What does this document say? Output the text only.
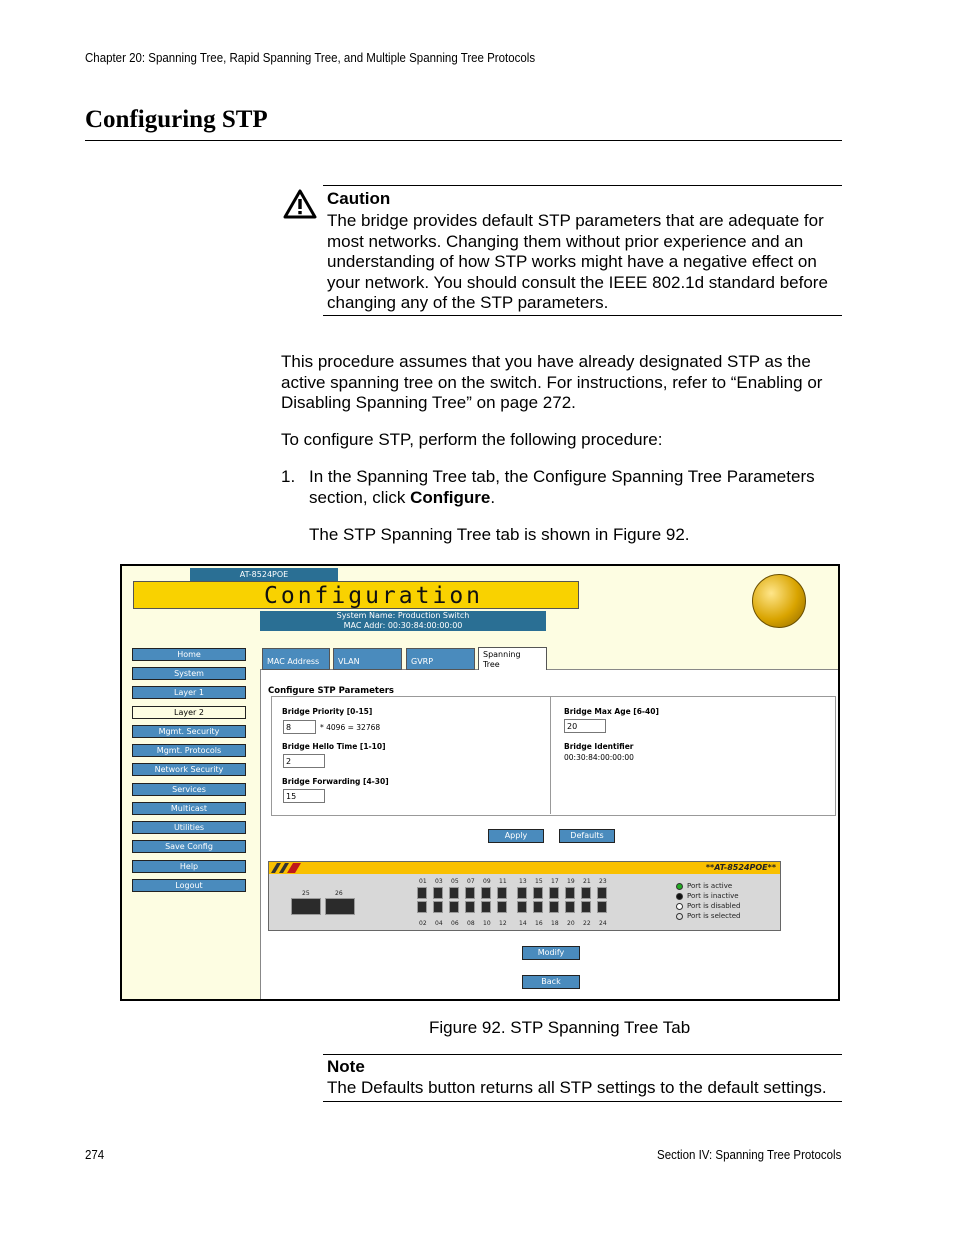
Chapter 20: Spanning Tree, Rapid Spanning Tree, and Multiple Spanning Tree Protocols
Configuring STP
Caution
The bridge provides default STP parameters that are adequate for most networks. Changing them without prior experience and an understanding of how STP works might have a negative effect on your network. You should consult the IEEE 802.1d standard before changing any of the STP parameters.
This procedure assumes that you have already designated STP as the active spanning tree on the switch. For instructions, refer to “Enabling or Disabling Spanning Tree” on page 272.
To configure STP, perform the following procedure:
1. In the Spanning Tree tab, the Configure Spanning Tree Parameters section, click Configure.
The STP Spanning Tree tab is shown in Figure 92.
AT-8524POE
Configuration
System Name: Production Switch
MAC Addr: 00:30:84:00:00:00
Home
System
Layer 1
Layer 2
Mgmt. Security
Mgmt. Protocols
Network Security
Services
Multicast
Utilities
Save Config
Help
Logout
MAC Address	VLAN	GVRP
Spanning Tree
Configure STP Parameters
Bridge Priority [0-15]
8	* 4096 = 32768
Bridge Hello Time [1-10]
2
Bridge Forwarding [4-30]
15
Bridge Max Age [6-40]
20
Bridge Identifier
00:30:84:00:00:00
Apply	Defaults
**AT-8524POE**
25	26
01 03 05 07 09 11 13 15 17 19 21 23
02 04 06 08 10 12 14 16 18 20 22 24
Port is active
Port is inactive
Port is disabled
Port is selected
Modify
Back
Figure 92. STP Spanning Tree Tab
Note
The Defaults button returns all STP settings to the default settings.
274	Section IV: Spanning Tree Protocols
